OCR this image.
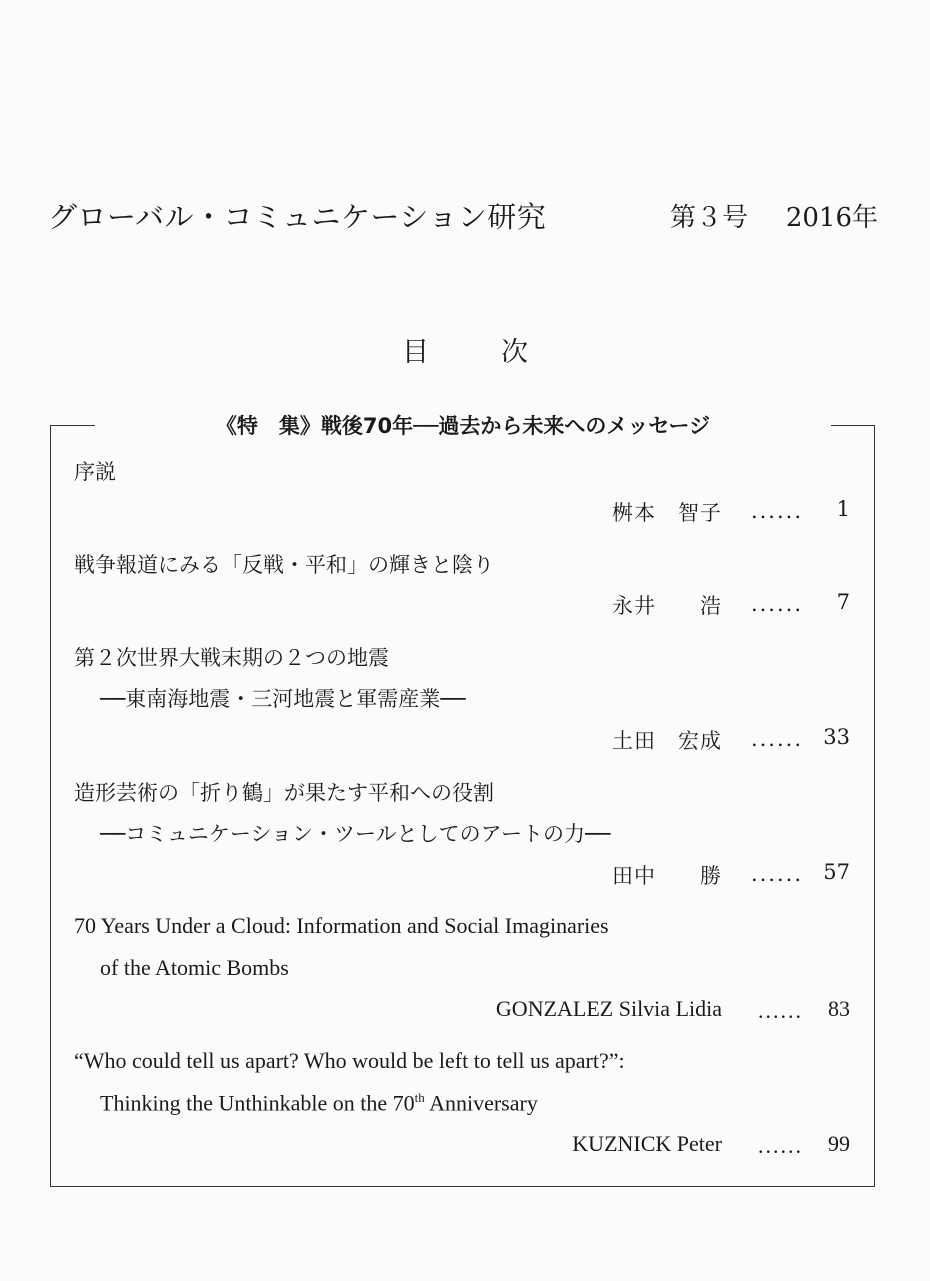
グローバル・コミュニケーション研究	第３号 2016年
目次
《特　集》戦後70年──過去から未来へのメッセージ
序説
桝本　智子 ...... 1
戦争報道にみる「反戦・平和」の輝きと陰り
永井　　浩 ...... 7
第２次世界大戦末期の２つの地震
──東南海地震・三河地震と軍需産業──
土田　宏成 ...... 33
造形芸術の「折り鶴」が果たす平和への役割
──コミュニケーション・ツールとしてのアートの力──
田中　　勝 ...... 57
70 Years Under a Cloud: Information and Social Imaginaries
of the Atomic Bombs
GONZALEZ Silvia Lidia ...... 83
“Who could tell us apart? Who would be left to tell us apart?”:
Thinking the Unthinkable on the 70th Anniversary
KUZNICK Peter ...... 99
